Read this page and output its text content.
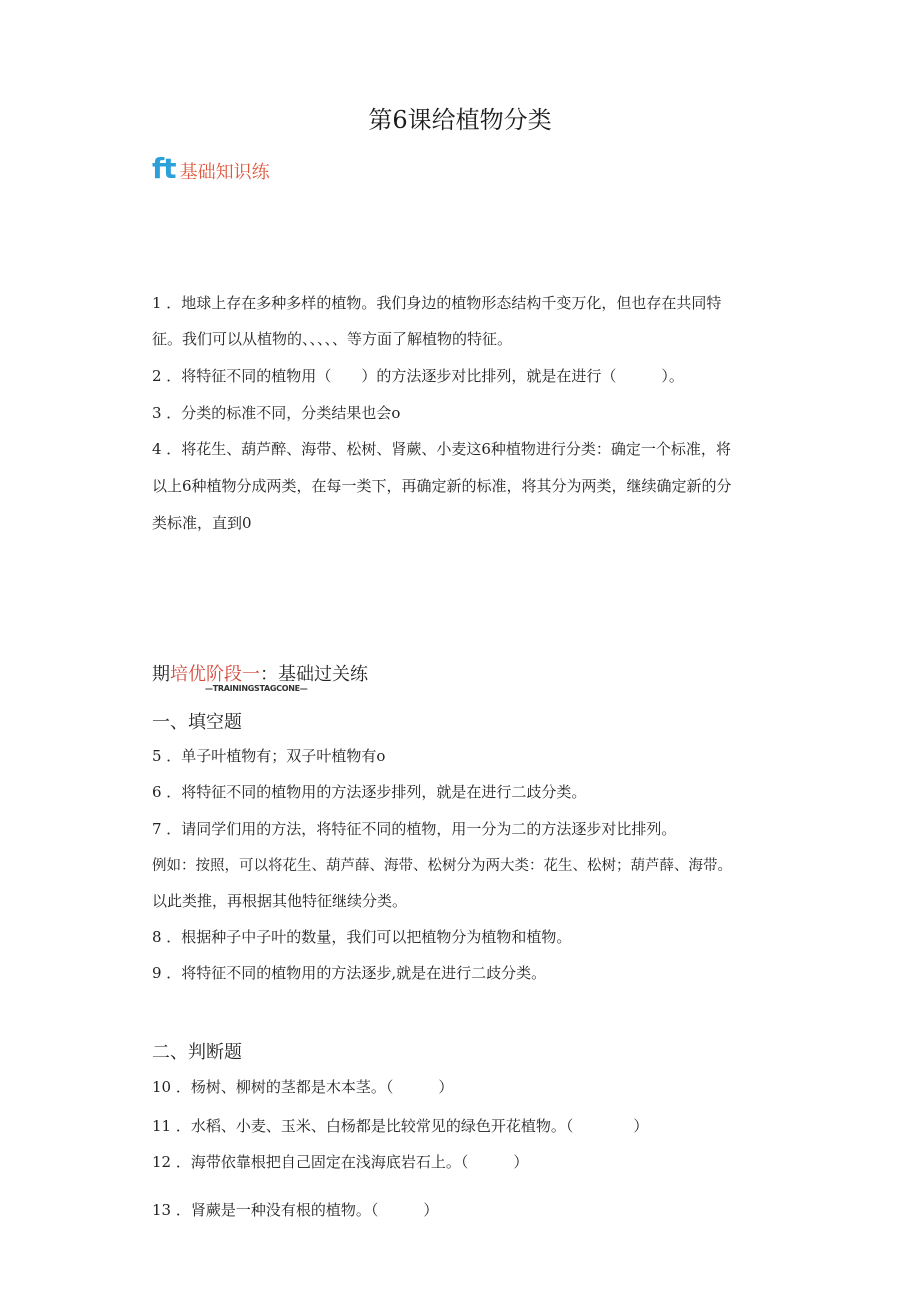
第6课给植物分类
ft 基础知识练
1 ．地球上存在多种多样的植物。我们身边的植物形态结构千变万化，但也存在共同特
征。我们可以从植物的、、、、、等方面了解植物的特征。
2 ．将特征不同的植物用（　　）的方法逐步对比排列，就是在进行（　　　）。
3 ．分类的标准不同，分类结果也会o
4 ．将花生、葫芦醉、海带、松树、肾蕨、小麦这6种植物进行分类：确定一个标准，将
以上6种植物分成两类，在每一类下，再确定新的标准，将其分为两类，继续确定新的分
类标准，直到0
期培优阶段一：基础过关练
—TRAININGSTAGCONE—
一、填空题
5 ．单子叶植物有；双子叶植物有o
6 ．将特征不同的植物用的方法逐步排列，就是在进行二歧分类。
7 ．请同学们用的方法，将特征不同的植物，用一分为二的方法逐步对比排列。
例如：按照，可以将花生、葫芦薛、海带、松树分为两大类：花生、松树；葫芦薛、海带。
以此类推，再根据其他特征继续分类。
8 ．根据种子中子叶的数量，我们可以把植物分为植物和植物。
9 ．将特征不同的植物用的方法逐步,就是在进行二歧分类。
二、判断题
10 ．杨树、柳树的茎都是木本茎。（　　　）
11 ．水稻、小麦、玉米、白杨都是比较常见的绿色开花植物。（　　　　）
12 ．海带依靠根把自己固定在浅海底岩石上。（　　　）
13 ．肾蕨是一种没有根的植物。（　　　）
